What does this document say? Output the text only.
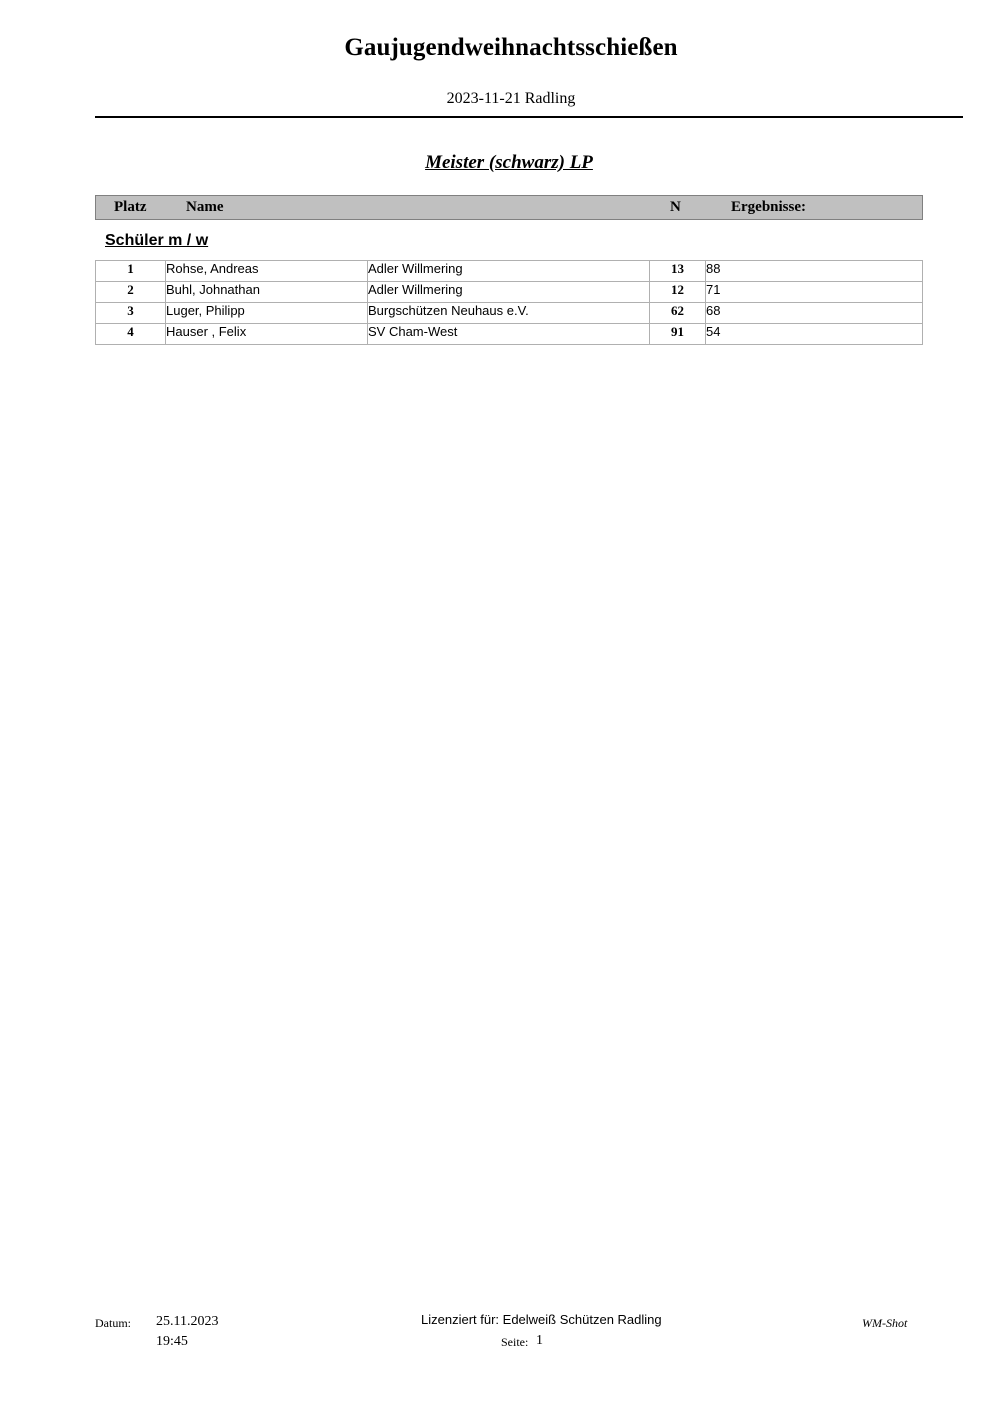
Gaujugendweihnachtsschießen
2023-11-21 Radling
Meister (schwarz) LP
Platz	Name	N	Ergebnisse:
Schüler m / w
1	Rohse, Andreas	Adler Willmering	13	88
2	Buhl, Johnathan	Adler Willmering	12	71
3	Luger, Philipp	Burgschützen Neuhaus e.V.	62	68
4	Hauser , Felix	SV Cham-West	91	54
Datum: 25.11.2023
19:45
Lizenziert für: Edelweiß Schützen Radling
Seite: 1
WM-Shot
